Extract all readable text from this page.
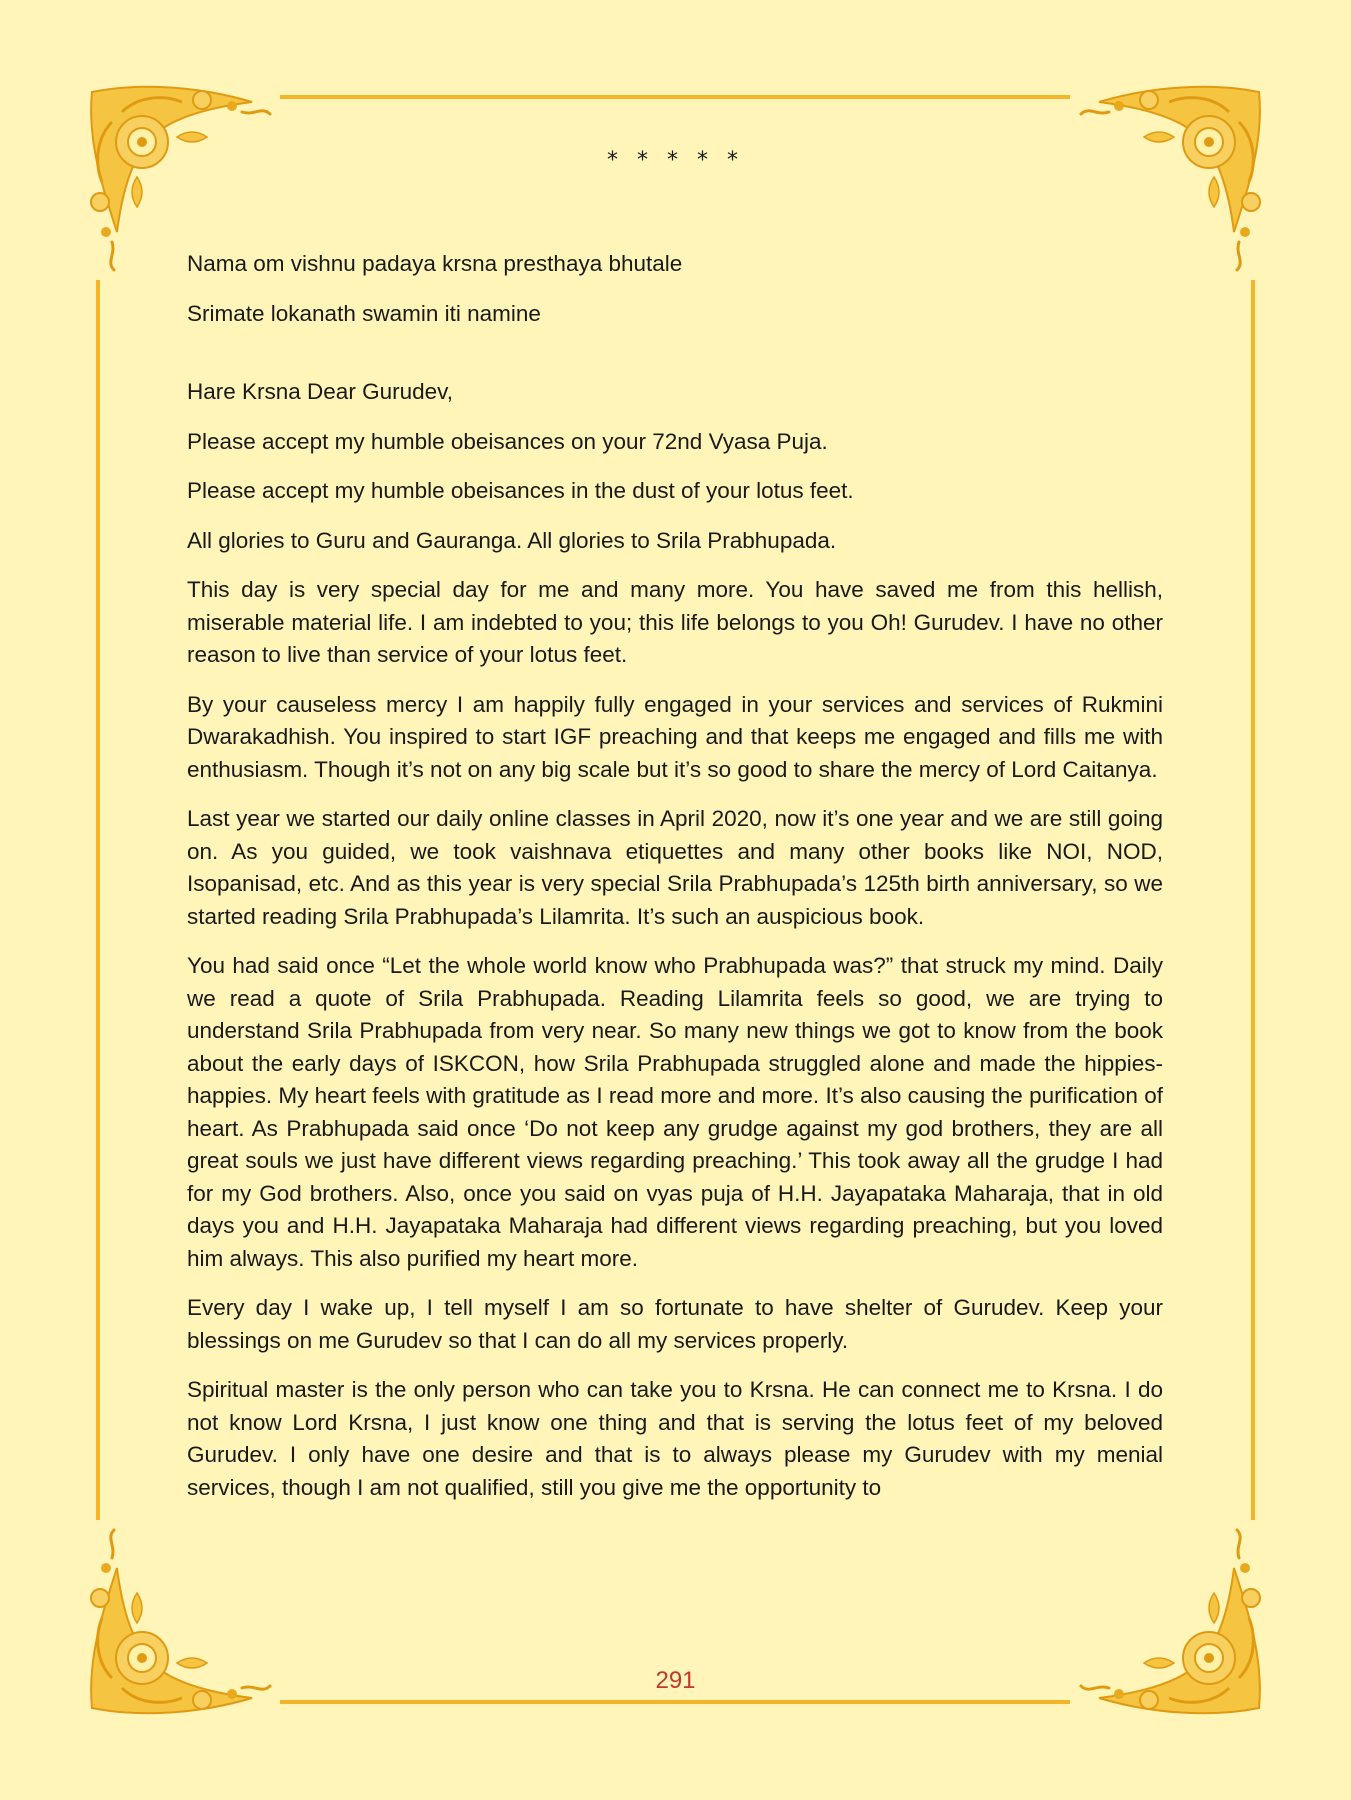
* * * * *

Nama om vishnu padaya krsna presthaya bhutale

Srimate lokanath swamin iti namine

Hare Krsna Dear Gurudev,

Please accept my humble obeisances on your 72nd Vyasa Puja.

Please accept my humble obeisances in the dust of your lotus feet.

All glories to Guru and Gauranga. All glories to Srila Prabhupada.

This day is very special day for me and many more. You have saved me from this hellish, miserable material life. I am indebted to you; this life belongs to you Oh! Gurudev. I have no other reason to live than service of your lotus feet.

By your causeless mercy I am happily fully engaged in your services and services of Rukmini Dwarakadhish. You inspired to start IGF preaching and that keeps me engaged and fills me with enthusiasm. Though it’s not on any big scale but it’s so good to share the mercy of Lord Caitanya.

Last year we started our daily online classes in April 2020, now it’s one year and we are still going on. As you guided, we took vaishnava etiquettes and many other books like NOI, NOD, Isopanisad, etc. And as this year is very special Srila Prabhupada’s 125th birth anniversary, so we started reading Srila Prabhupada’s Lilamrita. It’s such an auspicious book.

You had said once “Let the whole world know who Prabhupada was?” that struck my mind. Daily we read a quote of Srila Prabhupada. Reading Lilamrita feels so good, we are trying to understand Srila Prabhupada from very near. So many new things we got to know from the book about the early days of ISKCON, how Srila Prabhupada struggled alone and made the hippies-happies. My heart feels with gratitude as I read more and more. It’s also causing the purification of heart. As Prabhupada said once ‘Do not keep any grudge against my god brothers, they are all great souls we just have different views regarding preaching.’ This took away all the grudge I had for my God brothers. Also, once you said on vyas puja of H.H. Jayapataka Maharaja, that in old days you and H.H. Jayapataka Maharaja had different views regarding preaching, but you loved him always. This also purified my heart more.

Every day I wake up, I tell myself I am so fortunate to have shelter of Gurudev. Keep your blessings on me Gurudev so that I can do all my services properly.

Spiritual master is the only person who can take you to Krsna. He can connect me to Krsna. I do not know Lord Krsna, I just know one thing and that is serving the lotus feet of my beloved Gurudev. I only have one desire and that is to always please my Gurudev with my menial services, though I am not qualified, still you give me the opportunity to

291
